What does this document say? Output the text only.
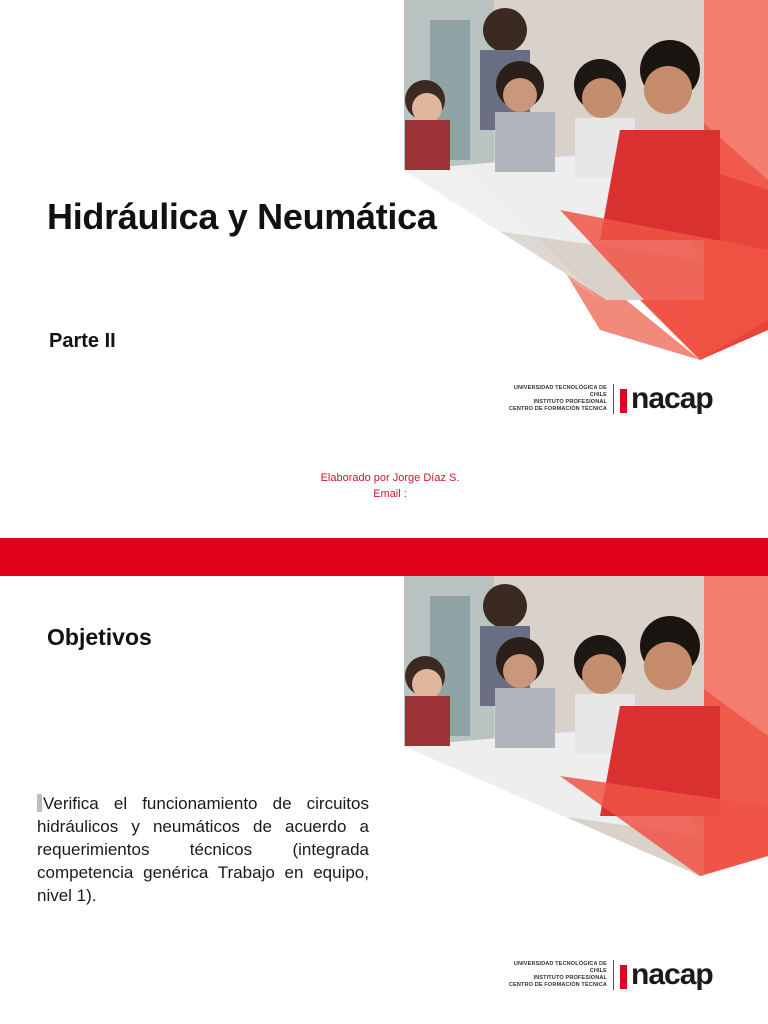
Hidráulica y Neumática
Parte II
UNIVERSIDAD TECNOLÓGICA DE CHILE
INSTITUTO PROFESIONAL
CENTRO DE FORMACIÓN TÉCNICA nacap

Elaborado por Jorge Díaz S.

Email :

Objetivos

Verifica el funcionamiento de circuitos hidráulicos y neumáticos de acuerdo a requerimientos técnicos (integrada competencia genérica Trabajo en equipo, nivel 1).

UNIVERSIDAD TECNOLÓGICA DE CHILE
INSTITUTO PROFESIONAL
CENTRO DE FORMACIÓN TÉCNICA nacap
